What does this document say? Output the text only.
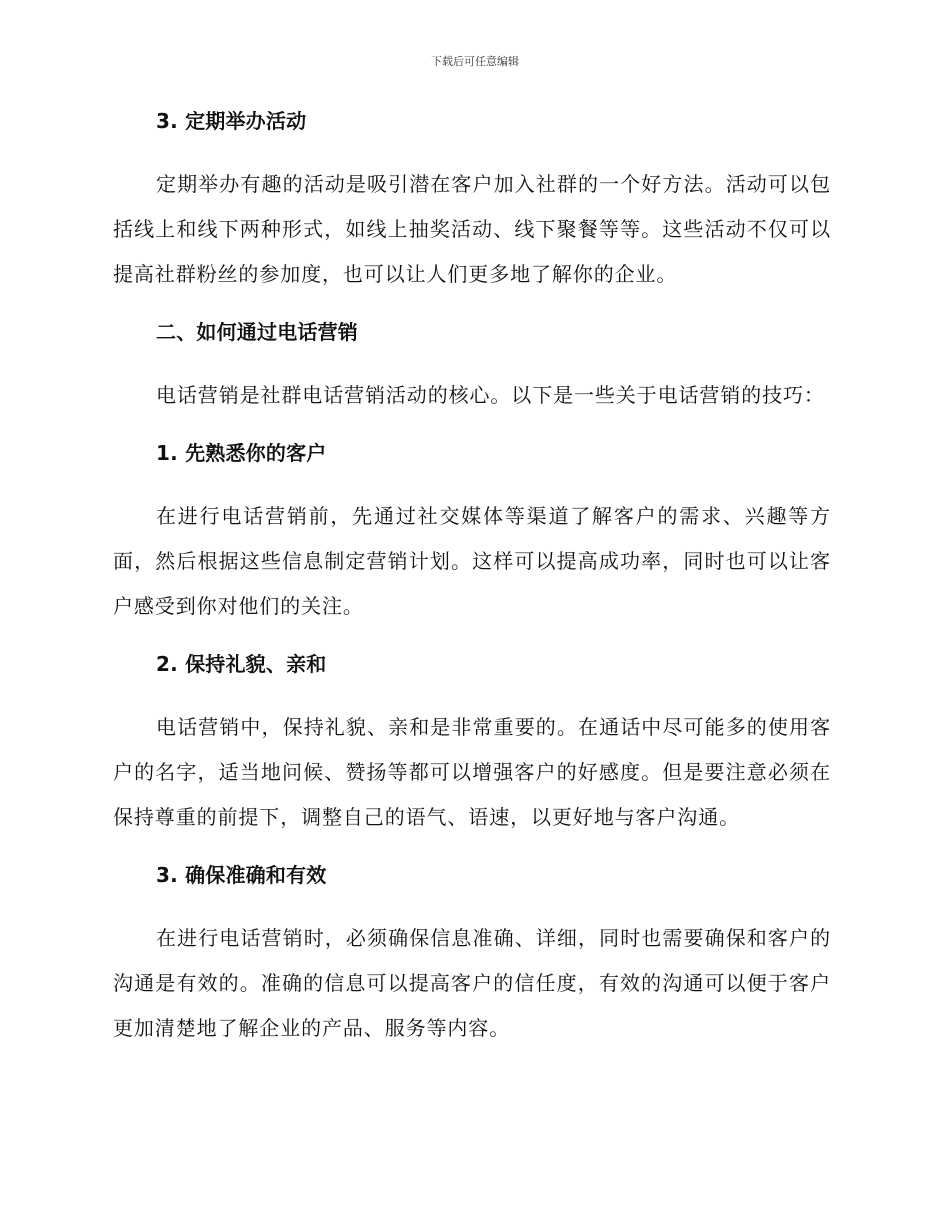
下载后可任意编辑

3. 定期举办活动

定期举办有趣的活动是吸引潜在客户加入社群的一个好方法。活动可以包括线上和线下两种形式，如线上抽奖活动、线下聚餐等等。这些活动不仅可以提高社群粉丝的参加度，也可以让人们更多地了解你的企业。

二、如何通过电话营销

电话营销是社群电话营销活动的核心。以下是一些关于电话营销的技巧：

1. 先熟悉你的客户

在进行电话营销前，先通过社交媒体等渠道了解客户的需求、兴趣等方面，然后根据这些信息制定营销计划。这样可以提高成功率，同时也可以让客户感受到你对他们的关注。

2. 保持礼貌、亲和

电话营销中，保持礼貌、亲和是非常重要的。在通话中尽可能多的使用客户的名字，适当地问候、赞扬等都可以增强客户的好感度。但是要注意必须在保持尊重的前提下，调整自己的语气、语速，以更好地与客户沟通。

3. 确保准确和有效

在进行电话营销时，必须确保信息准确、详细，同时也需要确保和客户的沟通是有效的。准确的信息可以提高客户的信任度，有效的沟通可以便于客户更加清楚地了解企业的产品、服务等内容。
